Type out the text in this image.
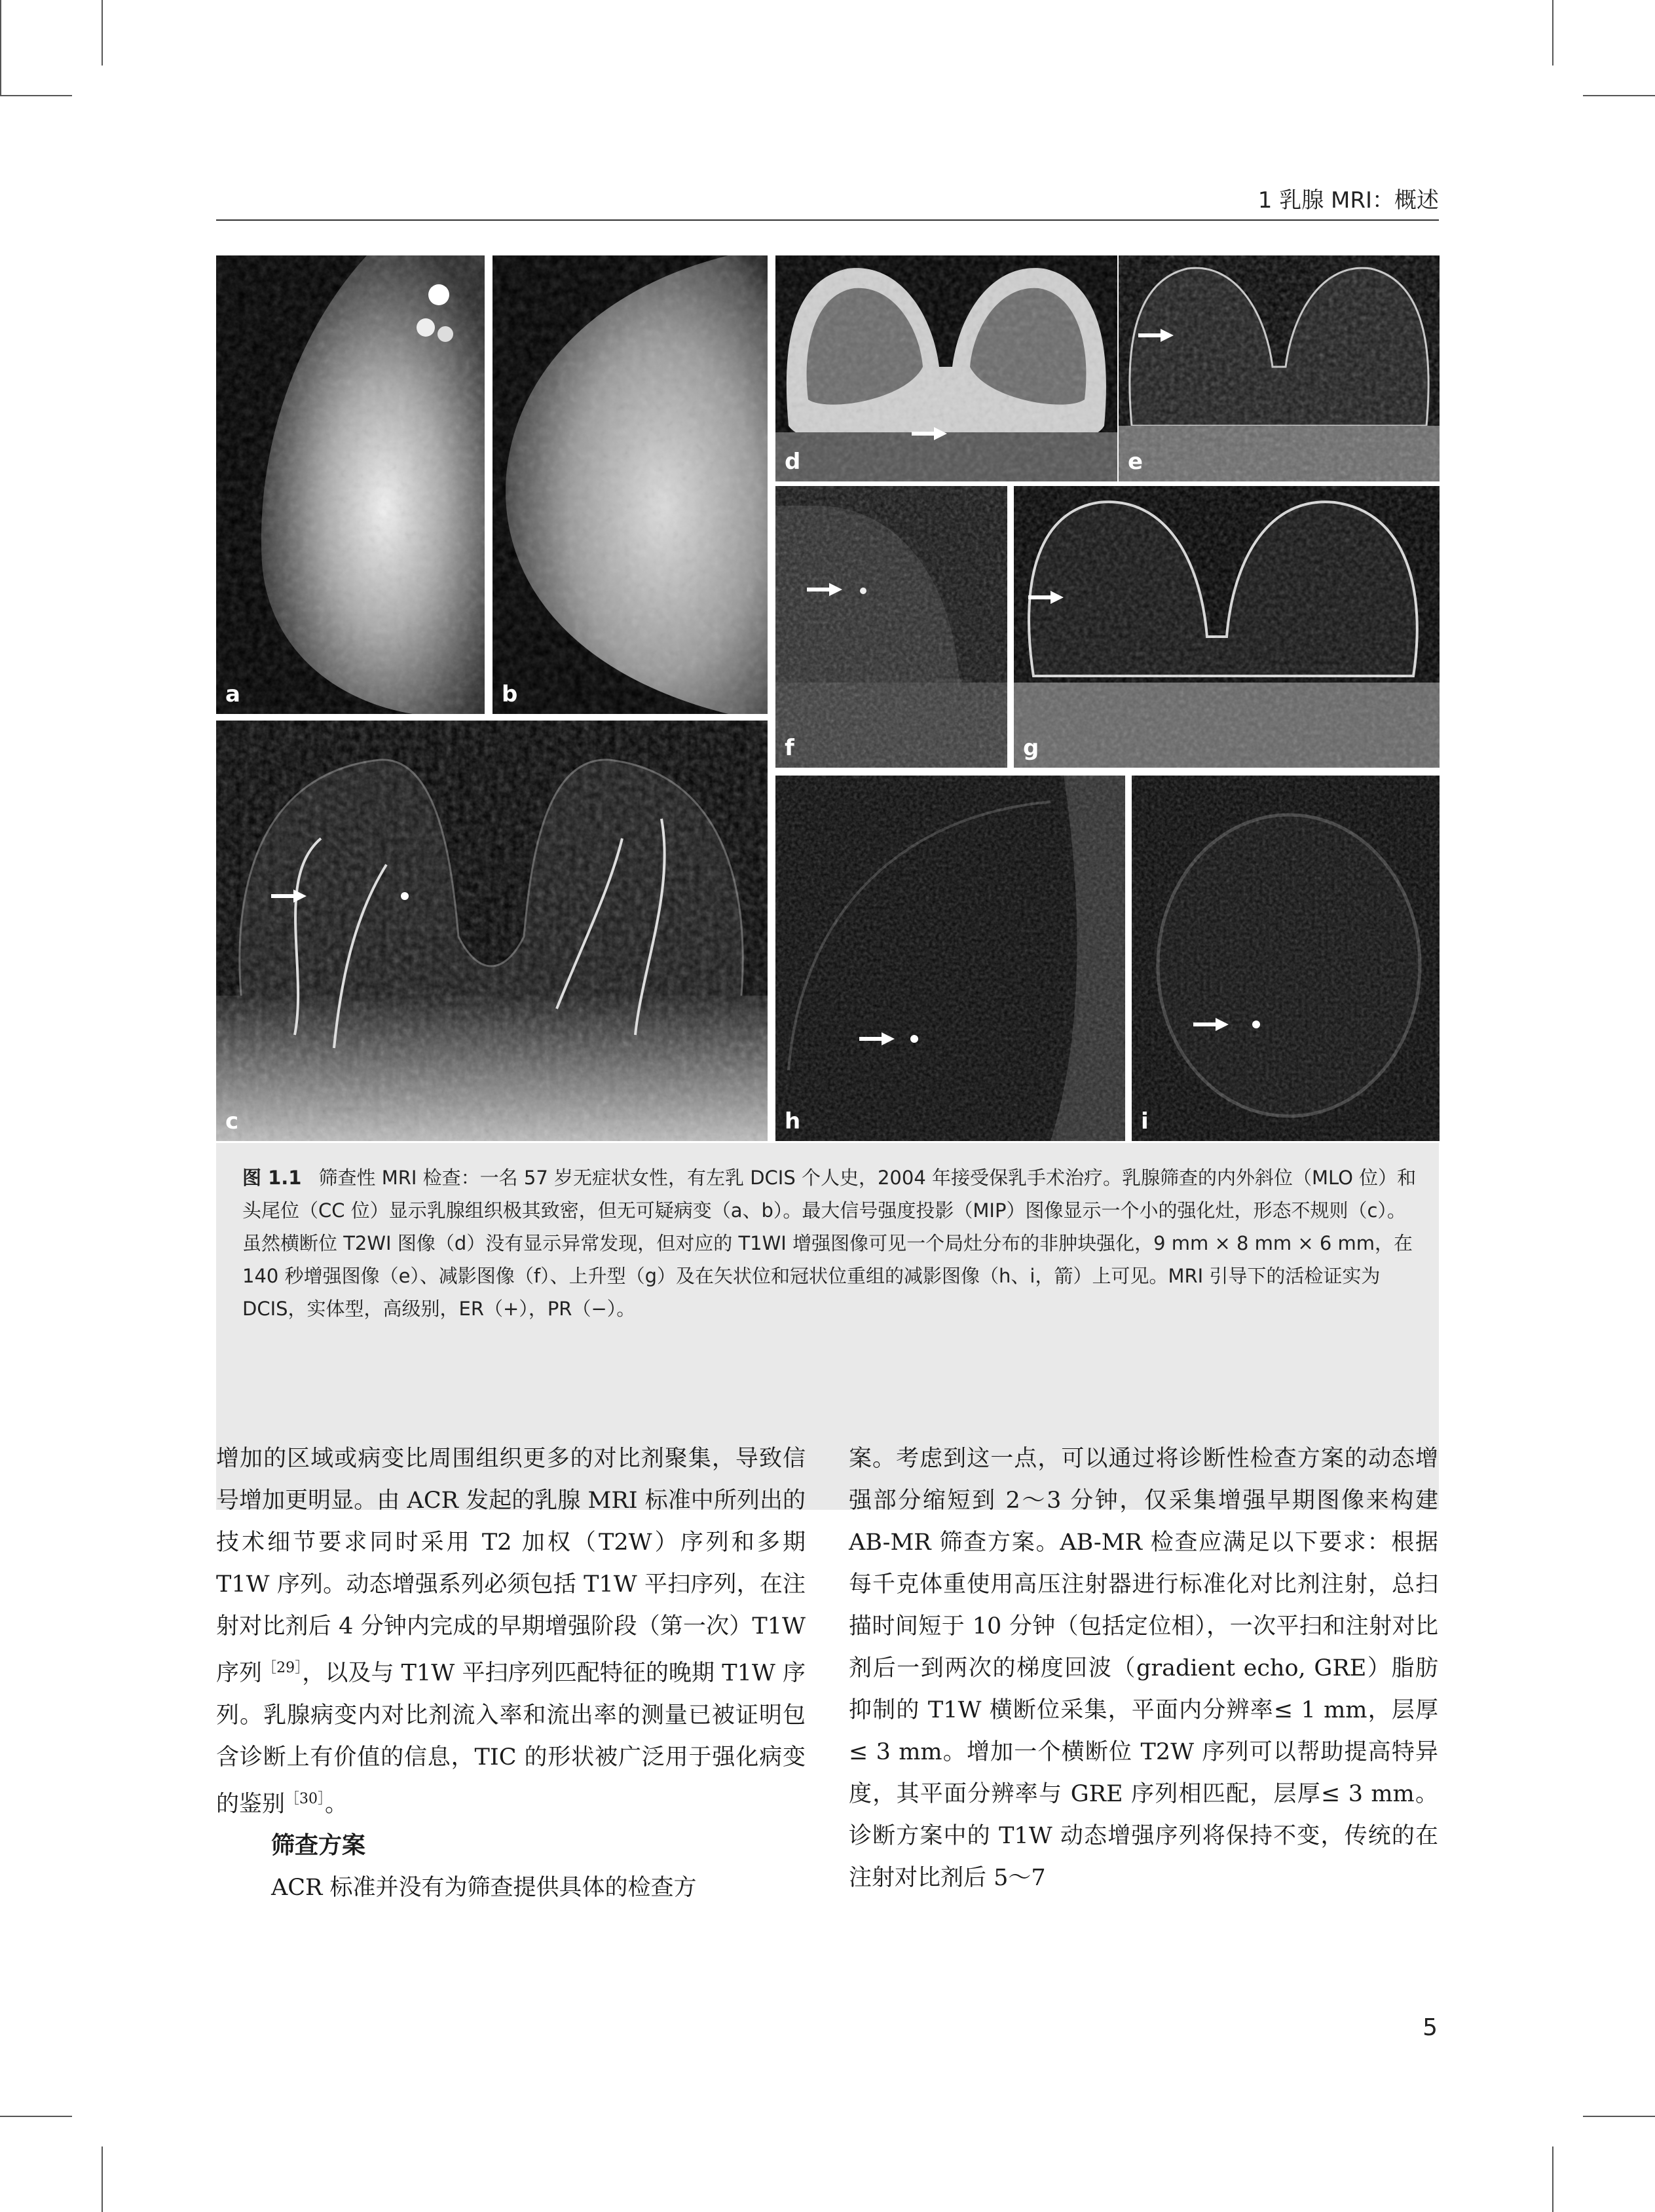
1 乳腺 MRI：概述
a	b
d	e
f	g
c	h	i
图 1.1 筛查性 MRI 检查：一名 57 岁无症状女性，有左乳 DCIS 个人史，2004 年接受保乳手术治疗。乳腺筛查的内外斜位（MLO 位）和头尾位（CC 位）显示乳腺组织极其致密，但无可疑病变（a、b）。最大信号强度投影（MIP）图像显示一个小的强化灶，形态不规则（c）。虽然横断位 T2WI 图像（d）没有显示异常发现，但对应的 T1WI 增强图像可见一个局灶分布的非肿块强化，9 mm × 8 mm × 6 mm，在 140 秒增强图像（e）、减影图像（f）、上升型（g）及在矢状位和冠状位重组的减影图像（h、i，箭）上可见。MRI 引导下的活检证实为 DCIS，实体型，高级别，ER（+），PR（−）。

增加的区域或病变比周围组织更多的对比剂聚集，导致信号增加更明显。由 ACR 发起的乳腺 MRI 标准中所列出的技术细节要求同时采用 T2 加权（T2W）序列和多期 T1W 序列。动态增强系列必须包括 T1W 平扫序列，在注射对比剂后 4 分钟内完成的早期增强阶段（第一次）T1W 序列$^{[29]}$，以及与 T1W 平扫序列匹配特征的晚期 T1W 序列。乳腺病变内对比剂流入率和流出率的测量已被证明包含诊断上有价值的信息，TIC 的形状被广泛用于强化病变的鉴别$^{[30]}$。

筛查方案

ACR 标准并没有为筛查提供具体的检查方

案。考虑到这一点，可以通过将诊断性检查方案的动态增强部分缩短到 2～3 分钟，仅采集增强早期图像来构建 AB-MR 筛查方案。AB-MR 检查应满足以下要求：根据每千克体重使用高压注射器进行标准化对比剂注射，总扫描时间短于 10 分钟（包括定位相），一次平扫和注射对比剂后一到两次的梯度回波（gradient echo, GRE）脂肪抑制的 T1W 横断位采集，平面内分辨率≤ 1 mm，层厚≤ 3 mm。增加一个横断位 T2W 序列可以帮助提高特异度，其平面分辨率与 GRE 序列相匹配，层厚≤ 3 mm。诊断方案中的 T1W 动态增强序列将保持不变，传统的在注射对比剂后 5～7

5
